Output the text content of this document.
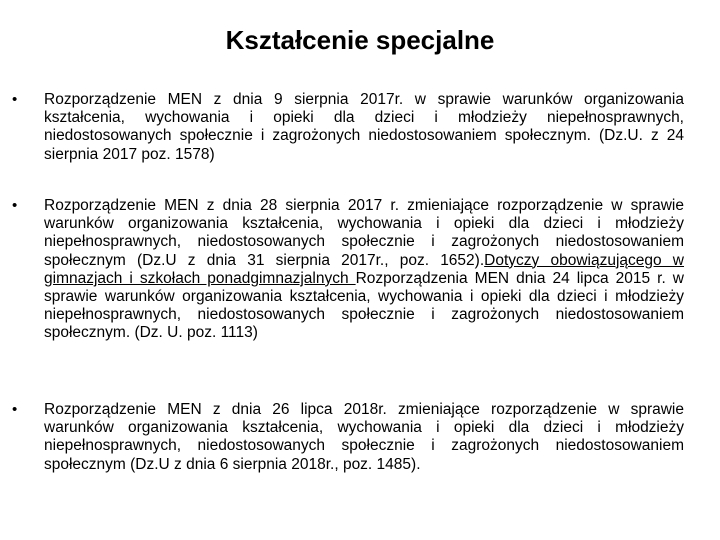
Kształcenie specjalne
• Rozporządzenie MEN z dnia 9 sierpnia 2017r. w sprawie warunków organizowania kształcenia, wychowania i opieki dla dzieci i młodzieży niepełnosprawnych, niedostosowanych społecznie i zagrożonych niedostosowaniem społecznym. (Dz.U. z 24 sierpnia 2017 poz. 1578)
• Rozporządzenie MEN z dnia 28 sierpnia 2017 r. zmieniające rozporządzenie w sprawie warunków organizowania kształcenia, wychowania i opieki dla dzieci i młodzieży niepełnosprawnych, niedostosowanych społecznie i zagrożonych niedostosowaniem społecznym (Dz.U z dnia 31 sierpnia 2017r., poz. 1652).Dotyczy obowiązującego w gimnazjach i szkołach ponadgimnazjalnych Rozporządzenia MEN dnia 24 lipca 2015 r. w sprawie warunków organizowania kształcenia, wychowania i opieki dla dzieci i młodzieży niepełnosprawnych, niedostosowanych społecznie i zagrożonych niedostosowaniem społecznym. (Dz. U. poz. 1113)
• Rozporządzenie MEN z dnia 26 lipca 2018r. zmieniające rozporządzenie w sprawie warunków organizowania kształcenia, wychowania i opieki dla dzieci i młodzieży niepełnosprawnych, niedostosowanych społecznie i zagrożonych niedostosowaniem społecznym (Dz.U z dnia 6 sierpnia 2018r., poz. 1485).
